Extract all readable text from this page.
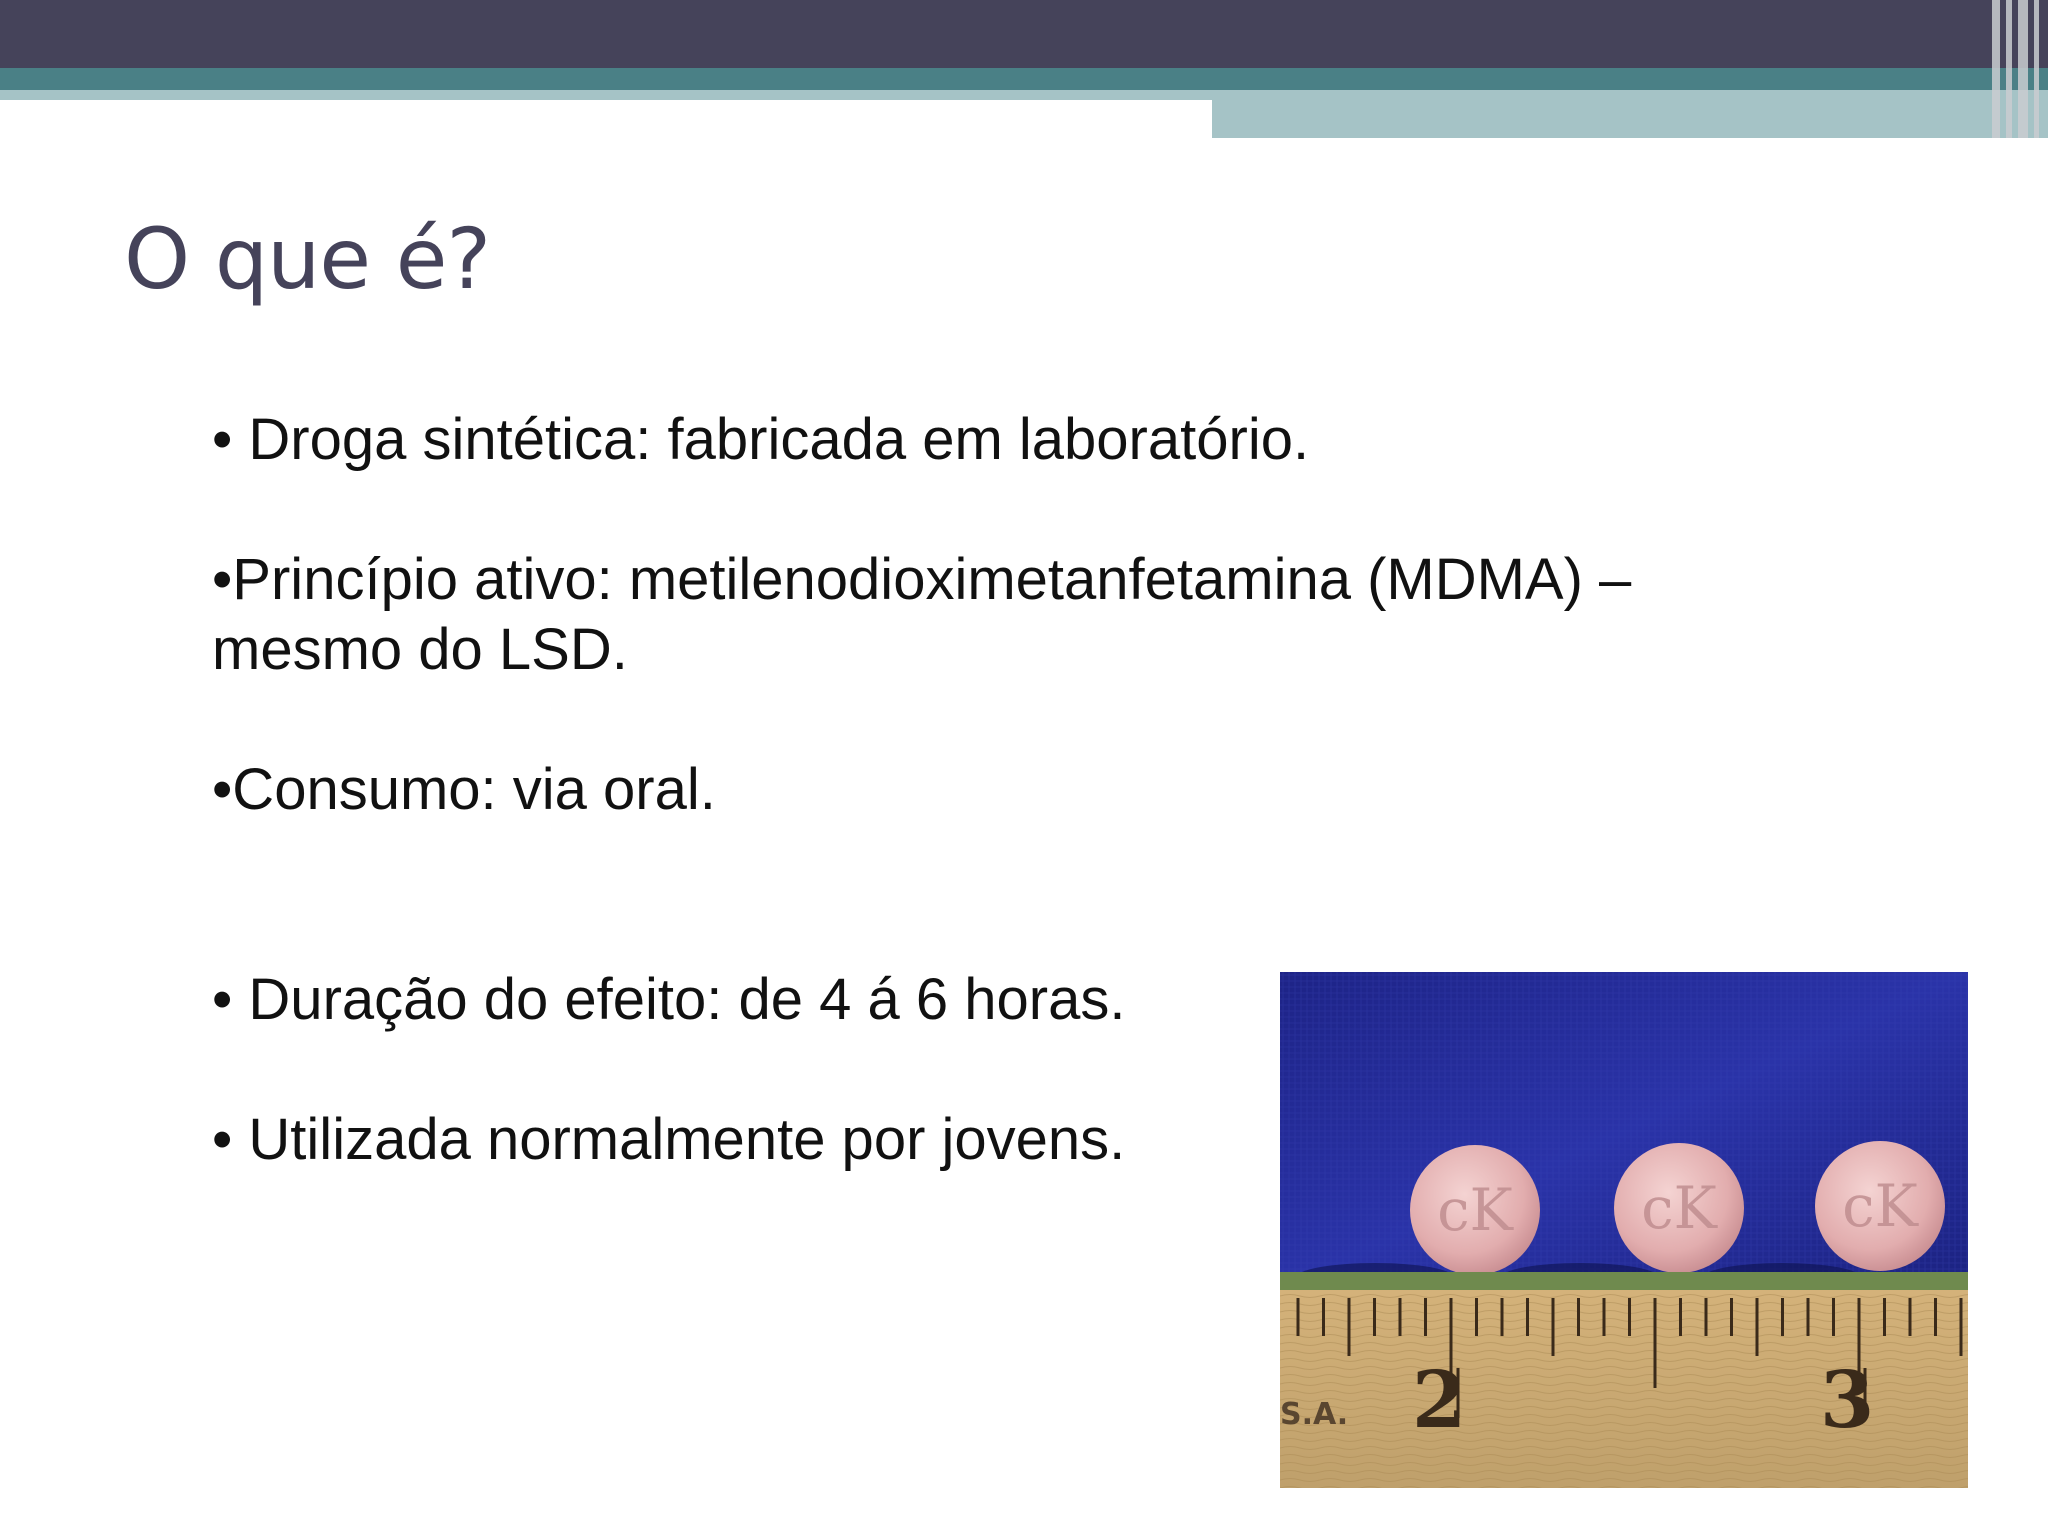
O que é?
• Droga sintética: fabricada em laboratório.
•Princípio ativo: metilenodioximetanfetamina (MDMA) –
mesmo do LSD.
•Consumo: via oral.
• Duração do efeito: de 4 á 6 horas.
• Utilizada normalmente por jovens.
cK cK cK
S.A. 2	3
